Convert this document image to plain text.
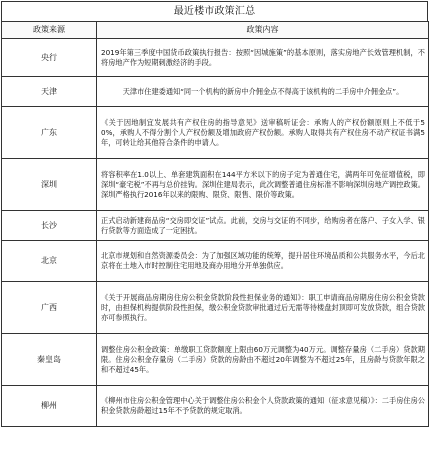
最近楼市政策汇总
政策来源	政策内容
央行	2019年第三季度中国货币政策执行报告：按照“因城施策”的基本原则，落实房地产长效管理机制，不将房地产作为短期刺激经济的手段。
天津	天津市住建委通知“同一个机构的新房中介佣金点不得高于该机构的二手房中介佣金点”。
广东	《关于因地制宜发展共有产权住房的指导意见》送审稿听证会：承购人的产权份额原则上不低于50%，承购人不得分割个人产权份额及增加政府产权份额。承购人取得共有产权住房不动产权证书满5年，可转让给其他符合条件的申请人。
深圳	将容积率在1.0以上、单套建筑面积在144平方米以下的房子定为普通住宅，满两年可免征增值税，即深圳“豪宅税”不再与总价挂钩。深圳住建局表示，此次调整普通住房标准不影响深圳房地产调控政策。深圳严格执行2016年以来的限购、限贷、限售、限价等政策。
长沙	正式启动新建商品房“交房即交证”试点。此前，交房与交证的不同步，给购房者在落户、子女入学、银行贷款等方面造成了一定困扰。
北京	北京市规划和自然资源委员会：为了加强区域功能的统筹，提升居住环境品质和公共服务水平，今后北京将在土地入市时控制住宅用地及商办用地分开单独供应。
广西	《关于开展商品房期房住房公积金贷款阶段性担保业务的通知》：职工申请商品房期房住房公积金贷款时，由担保机构提供阶段性担保，缴公积金贷款审批通过后无需等待楼盘封顶即可发放贷款，组合贷款亦可参照执行。
秦皇岛	调整住房公积金政策：单缴职工贷款额度上限由60万元调整为40万元。调整存量房（二手房）贷款期限。住房公积金存量房（二手房）贷款的房龄由不超过20年调整为不超过25年，且房龄与贷款年限之和不超过45年。
柳州	《柳州市住房公积金管理中心关于调整住房公积金个人贷款政策的通知（征求意见稿）》：二手房住房公积金贷款房龄超过15年不予贷款的规定取消。
